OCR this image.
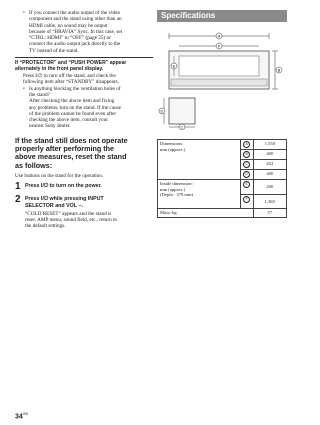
• If you connect the audio output of the video
component and the stand using other than an
HDMI cable, no sound may be output
because of “BRAVIA” Sync. In this case, set
“CTRL: HDMI” to “OFF” (page 25) or
connect the audio output jack directly to the
TV instead of the stand.
If “PROTECTOR” and “PUSH POWER” appear
alternately in the front panel display.
Press I/⏻ to turn off the stand, and check the
following item after “STANDBY” disappears.
• Is anything blocking the ventilation holes of
the stand?
After checking the above item and fixing
any problems, turn on the stand. If the cause
of the problem cannot be found even after
checking the above item, consult your
nearest Sony dealer.
If the stand still does not operate
properly after performing the
above measures, reset the stand
as follows:
Use buttons on the stand for the operation.
1 Press I/⏻ to turn on the power.
2 Press I/⏻ while pressing INPUT
SELECTOR and VOL −.
“COLD RESET” appears and the stand is
reset. AMP menu, sound field, etc., return to
the default settings.
Specifications
A
F
E
B
C
D
Dimensions:
mm (approx.)	A	1,550
	B	400
	C	452
	D	400

Inside dimension:
mm (approx.)
(Depth : 379 mm)	E	200
	F	1,365
Mass: kg		57
$34^{GB}$
